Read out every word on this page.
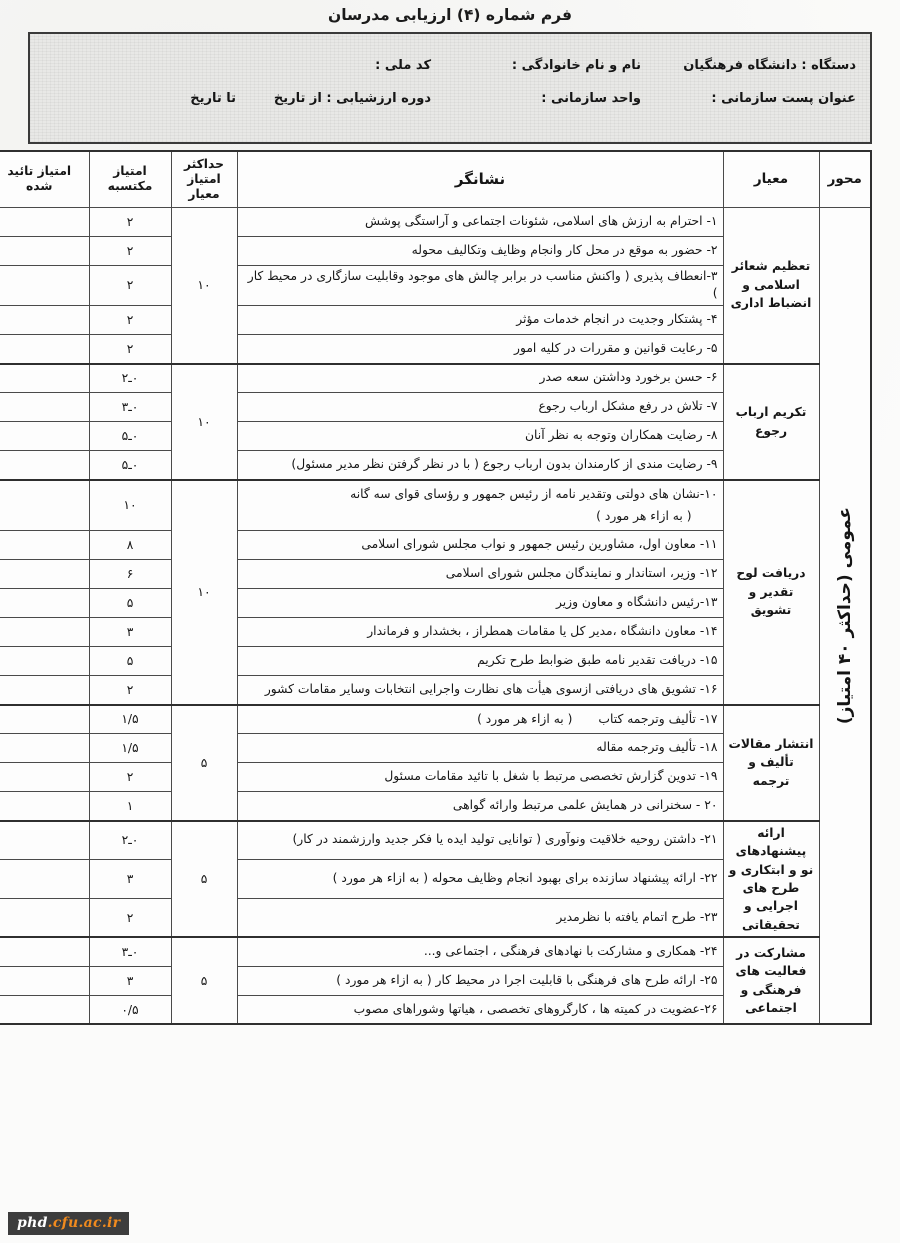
فرم شماره (۴) ارزیابی مدرسان
دستگاه : دانشگاه فرهنگیان
نام و نام خانوادگی :
کد ملی :
عنوان پست سازمانی :
واحد سازمانی :
دوره ارزشیابی : از تاریخ
تا تاریخ
محور	معیار	نشانگر	حداکثر امتیاز معیار	امتیاز مکتسبه	امتیاز تائید شده

عمومی (حداکثر ۴۰ امتیاز)	تعظیم شعائر اسلامی و انضباط اداری	۱- احترام به ارزش های اسلامی، شئونات اجتماعی و آراستگی پوشش	۱۰	۲	
		۲- حضور به موقع در محل کار وانجام وظایف وتکالیف محوله		۲	
		۳-انعطاف پذیری ( واکنش مناسب در برابر چالش های موجود وقابلیت سازگاری در محیط کار )		۲	
		۴- پشتکار وجدیت در انجام خدمات مؤثر		۲	
		۵- رعایت قوانین و مقررات در کلیه امور		۲	
	تکریم ارباب رجوع	۶- حسن برخورد وداشتن سعه صدر	۱۰	۰ـ۲	
		۷- تلاش در رفع مشکل ارباب رجوع		۰ـ۳	
		۸- رضایت همکاران وتوجه به نظر آنان		۰ـ۵	
		۹- رضایت مندی از کارمندان بدون ارباب رجوع ( با در نظر گرفتن نظر مدیر مسئول)		۰ـ۵	
	دریافت لوح تقدیر و تشویق	۱۰-نشان های دولتی وتقدیر نامه از رئیس جمهور و رؤسای قوای سه گانه( به ازاء هر مورد )	۱۰	۱۰	
		۱۱- معاون اول، مشاورین رئیس جمهور و نواب مجلس شورای اسلامی		۸	
		۱۲- وزیر، استاندار و نمایندگان مجلس شورای اسلامی		۶	
		۱۳-رئیس دانشگاه و معاون وزیر		۵	
		۱۴- معاون دانشگاه ،مدیر کل یا مقامات همطراز ، بخشدار و فرماندار		۳	
		۱۵- دریافت تقدیر نامه طبق ضوابط طرح تکریم		۵	
		۱۶- تشویق های دریافتی ازسوی هیأت های نظارت واجرایی انتخابات وسایر مقامات کشور		۲	
	انتشار مقالات تألیف و ترجمه	۱۷- تألیف وترجمه کتاب( به ازاء هر مورد )	۵	۱/۵	
		۱۸- تألیف وترجمه مقاله		۱/۵	
		۱۹- تدوین گزارش تخصصی مرتبط با شغل با تائید مقامات مسئول		۲	
		۲۰ - سخنرانی در همایش علمی مرتبط وارائه گواهی		۱	
	ارائه پیشنهادهای نو و ابتکاری و طرح های اجرایی و تحقیقاتی	۲۱- داشتن روحیه خلاقیت ونوآوری ( توانایی تولید ایده یا فکر جدید وارزشمند در کار)	۵	۰ـ۲	
		۲۲- ارائه پیشنهاد سازنده برای بهبود انجام وظایف محوله ( به ازاء هر مورد )		۳	
		۲۳- طرح اتمام یافته با نظرمدیر		۲	
	مشارکت در فعالیت های فرهنگی و اجتماعی	۲۴- همکاری و مشارکت با نهادهای فرهنگی ، اجتماعی و...	۵	۰ـ۳	
		۲۵- ارائه طرح های فرهنگی با قابلیت اجرا در محیط کار ( به ازاء هر مورد )		۳	
		۲۶-عضویت در کمیته ها ، کارگروهای تخصصی ، هیاتها وشوراهای مصوب		۰/۵	
phd.cfu.ac.ir
